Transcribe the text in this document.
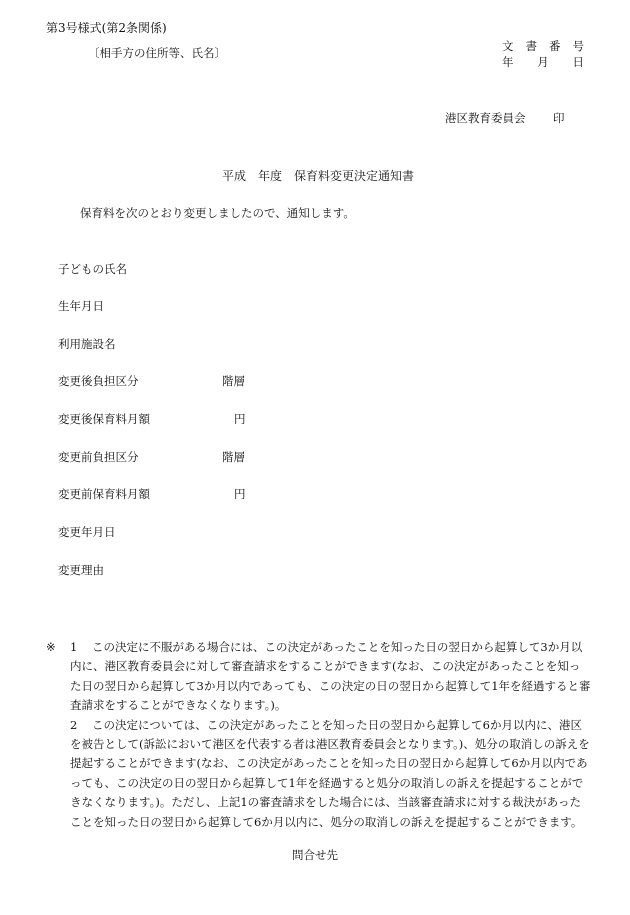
第3号様式(第2条関係)
〔相手方の住所等、氏名〕	文 書 番 号
年 月 日
港区教育委員会 印
平成　年度　保育料変更決定通知書
保育料を次のとおり変更しましたので、通知します。
子どもの氏名
生年月日
利用施設名
変更後負担区分	階層
変更後保育料月額	円
変更前負担区分	階層
変更前保育料月額	円
変更年月日
変更理由
※	1 この決定に不服がある場合には、この決定があったことを知った日の翌日から起算して3か月以内に、港区教育委員会に対して審査請求をすることができます(なお、この決定があったことを知った日の翌日から起算して3か月以内であっても、この決定の日の翌日から起算して1年を経過すると審査請求をすることができなくなります。)。
2 この決定については、この決定があったことを知った日の翌日から起算して6か月以内に、港区を被告として(訴訟において港区を代表する者は港区教育委員会となります。)、処分の取消しの訴えを提起することができます(なお、この決定があったことを知った日の翌日から起算して6か月以内であっても、この決定の日の翌日から起算して1年を経過すると処分の取消しの訴えを提起することができなくなります。)。ただし、上記1の審査請求をした場合には、当該審査請求に対する裁決があったことを知った日の翌日から起算して6か月以内に、処分の取消しの訴えを提起することができます。
問合せ先
